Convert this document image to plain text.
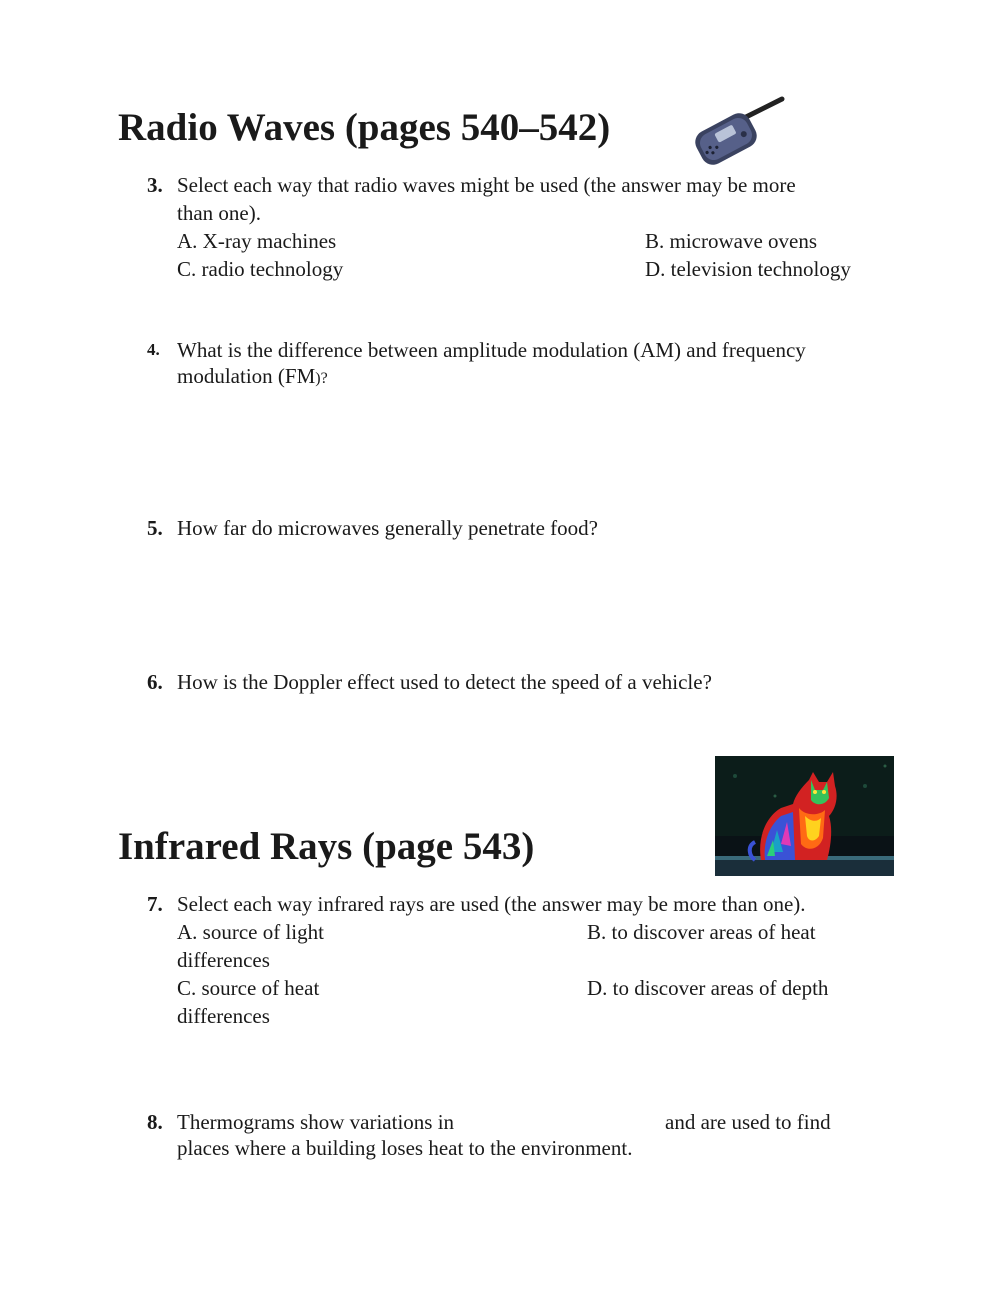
Radio Waves (pages 540–542)
3. Select each way that radio waves might be used (the answer may be more
than one).
A. X-ray machines	B. microwave ovens
C. radio technology	D. television technology
4. What is the difference between amplitude modulation (AM) and frequency
modulation (FM)?
5. How far do microwaves generally penetrate food?
6. How is the Doppler effect used to detect the speed of a vehicle?
Infrared Rays (page 543)
7. Select each way infrared rays are used (the answer may be more than one).
A. source of light	B. to discover areas of heat
differences
C. source of heat	D. to discover areas of depth
differences
8. Thermograms show variations in	and are used to find
places where a building loses heat to the environment.
